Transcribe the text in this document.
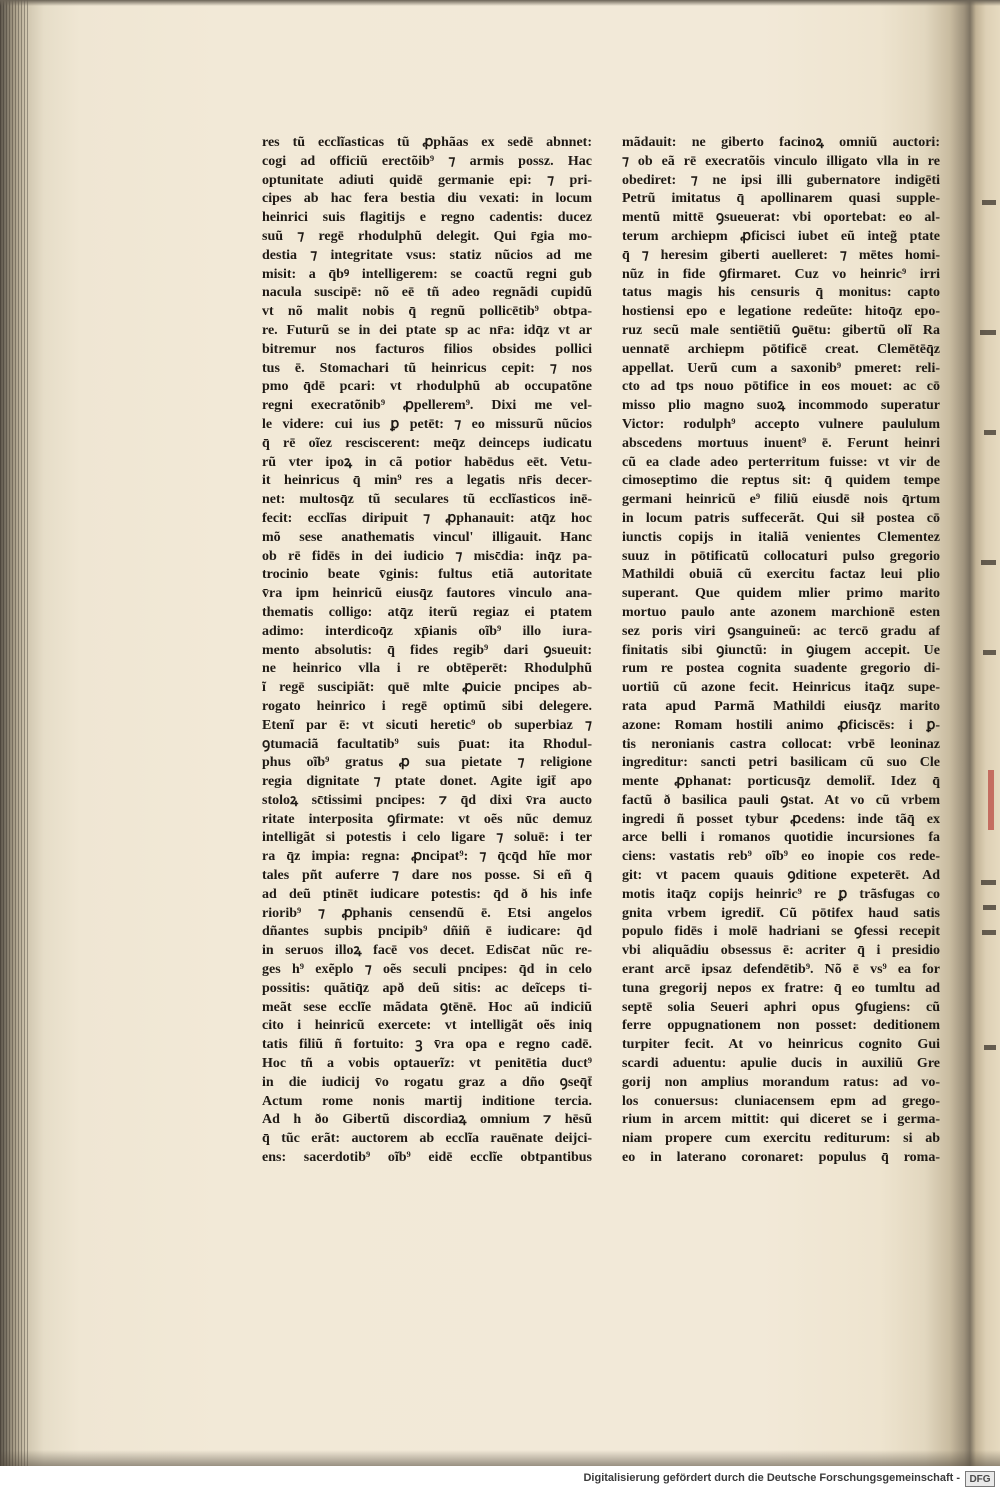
res tũ ecclĩasticas tũ ꝓphãas ex sedē abnnet:
cogi ad officiũ erectõib⁹ ⁊ armis possz. Hac
optunitate adiuti quidē germanie epi: ⁊ pri-
cipes ab hac fera bestia diu vexati: in locum
heinrici suis flagitijs e regno cadentis: ducez
suũ ⁊ regē rhodulphũ delegit. Qui r̄gia mo-
destia ⁊ integritate vsus: statiz nũcios ad me
misit: a q̄bꝰ intelligerem: se coactũ regni gub
nacula suscipē: nõ eē tñ adeo regnãdi cupidũ
vt nõ malit nobis q̄ regnũ pollicētib⁹ obtpa-
re. Futurũ se in dei ptate sp ac nr̄a: idq̄z vt ar
bitremur nos facturos filios obsides pollici
tus ē. Stomachari tũ heinricus cepit: ⁊ nos
pmo q̄dē pcari: vt rhodulphũ ab occupatõne
regni execratõnib⁹ ꝓpellerem⁹. Dixi me vel-
le videre: cui ius ꝑ petēt: ⁊ eo missurũ nũcios
q̄ rē oĩez resciscerent: meq̄z deinceps iudicatu
rũ vter ipoꝝ in cã potior habēdus eēt. Vetu-
it heinricus q̄ min⁹ res a legatis nr̄is decer-
net: multosq̄z tũ seculares tũ ecclĩasticos inē-
fecit: ecclĩas diripuit ⁊ ꝓphanauit: atq̄z hoc
mõ sese anathematis vincul' illigauit. Hanc
ob rē fidēs in dei iudicio ⁊ misc̄dia: inq̄z pa-
trocinio beate v̄ginis: fultus etiã autoritate
v̄ra ipm heinricũ eiusq̄z fautores vinculo ana-
thematis colligo: atq̄z iterũ regiaz ei ptatem
adimo: interdicoq̄z xp̄ianis oĩb⁹ illo iura-
mento absolutis: q̄ fides regib⁹ dari ꝯsueuit:
ne heinrico vlla i re obtēperēt: Rhodulphũ
ĩ regē suscipiãt: quē mlte ꝓuicie pncipes ab-
rogato heinrico i regē optimũ sibi delegere.
Etenĩ par ē: vt sicuti heretic⁹ ob superbiaz ⁊
ꝯtumaciã facultatib⁹ suis p̄uat: ita Rhodul-
phus oĩb⁹ gratus ꝓ sua pietate ⁊ religione
regia dignitate ⁊ ptate donet. Agite igit̄ apo
stoloꝝ sc̄tissimi pncipes: ⁊ q̄d dixi v̄ra aucto
ritate interposita ꝯfirmate: vt oẽs nũc demuz
intelligãt si potestis i celo ligare ⁊ soluē: i ter
ra q̄z impia: regna: ꝓncipat⁹: ⁊ q̄cq̄d hĩe mor
tales pñt auferre ⁊ dare nos posse. Si eñ q̄
ad deũ ptinēt iudicare potestis: q̄d ð his infe
riorib⁹ ⁊ ꝓphanis censendũ ē. Etsi angelos
dñantes supbis pncipib⁹ dñiñ ē iudicare: q̄d
in seruos illoꝝ facē vos decet. Edisc̄at nũc re-
ges h⁹ exẽplo ⁊ oẽs seculi pncipes: q̄d in celo
possitis: quãtiq̄z apð deũ sitis: ac deĩceps ti-
meãt sese ecclĩe mãdata ꝯtēnē. Hoc aũ indiciũ
cito i heinricũ exercete: vt intelligãt oẽs iniq
tatis filiũ ñ fortuito: ꝫ v̄ra opa e regno cadē.
Hoc tñ a vobis optauerĩz: vt penitētia duct⁹
in die iudicij v̄o rogatu graz a dño ꝯseq̄t̄
Actum rome nonis martij inditione tercia.
Ad h ðo Gibertũ discordiaꝝ omnium ⁊ hēsũ
q̄ tũc erãt: auctorem ab ecclĩa rauēnate deijci-
ens: sacerdotib⁹ oĩb⁹ eidē ecclĩe obtpantibus
mãdauit: ne giberto facinoꝝ omniũ auctori:
⁊ ob eã rē execratõis vinculo illigato vlla in re
obediret: ⁊ ne ipsi illi gubernatore indigēti
Petrũ imitatus q̄ apollinarem quasi supple-
mentũ mittē ꝯsueuerat: vbi oportebat: eo al-
terum archiepm ꝓficisci iubet eũ integ̃ ptate
q̄ ⁊ heresim giberti auelleret: ⁊ mētes homi-
nũz in fide ꝯfirmaret. Cuz vo heinric⁹ irri
tatus magis his censuris q̄ monitus: capto
hostiensi epo e legatione redeũte: hitoq̄z epo-
ruz secũ male sentiētiũ ꝯuētu: gibertũ olĩ Ra
uennatē archiepm pōtificē creat. Clemētēq̄z
appellat. Uerũ cum a saxonib⁹ pmeret: reli-
cto ad tps nouo pōtifice in eos mouet: ac cō
misso plio magno suoꝝ incommodo superatur
Victor: rodulph⁹ accepto vulnere paululum
abscedens mortuus inuent⁹ ē. Ferunt heinri
cũ ea clade adeo perterritum fuisse: vt vir de
cimoseptimo die reptus sit: q̄ quidem tempe
germani heinricũ e⁹ filiũ eiusdē nois q̄rtum
in locum patris suffecerãt. Qui sił postea cō
iunctis copijs in italiã venientes Clementez
suuz in pōtificatũ collocaturi pulso gregorio
Mathildi obuiã cũ exercitu factaz leui plio
superant. Que quidem mlier primo marito
mortuo paulo ante azonem marchionē esten
sez poris viri ꝯsanguineũ: ac tercō gradu af
finitatis sibi ꝯiunctũ: in ꝯiugem accepit. Ue
rum re postea cognita suadente gregorio di-
uortiũ cũ azone fecit. Heinricus itaq̄z supe-
rata apud Parmã Mathildi eiusq̄z marito
azone: Romam hostili animo ꝓficiscēs: i ꝑ-
tis neronianis castra collocat: vrbē leoninaz
ingreditur: sancti petri basilicam cũ suo Cle
mente ꝓphanat: porticusq̄z demolit̄. Idez q̄
factũ ð basilica pauli ꝯstat. At vo cũ vrbem
ingredi ñ posset tybur ꝓcedens: inde tãq̄ ex
arce belli i romanos quotidie incursiones fa
ciens: vastatis reb⁹ oĩb⁹ eo inopie cos rede-
git: vt pacem quauis ꝯditione expeterēt. Ad
motis itaq̄z copijs heinric⁹ re ꝑ trãsfugas co
gnita vrbem igredit̄. Cũ pōtifex haud satis
populo fidēs i molē hadriani se ꝯfessi recepit
vbi aliquãdiu obsessus ē: acriter q̄ i presidio
erant arcē ipsaz defendētib⁹. Nõ ē vs⁹ ea for
tuna gregorij nepos ex fratre: q̄ eo tumltu ad
septē solia Seueri aphri opus ꝯfugiens: cũ
ferre oppugnationem non posset: deditionem
turpiter fecit. At vo heinricus cognito Gui
scardi aduentu: apulie ducis in auxiliũ Gre
gorij non amplius morandum ratus: ad vo-
los conuersus: cluniacensem epm ad grego-
rium in arcem mittit: qui diceret se i germa-
niam propere cum exercitu rediturum: si ab
eo in laterano coronaret: populus q̄ roma-
Digitalisierung gefördert durch die Deutsche Forschungsgemeinschaft - DFG
